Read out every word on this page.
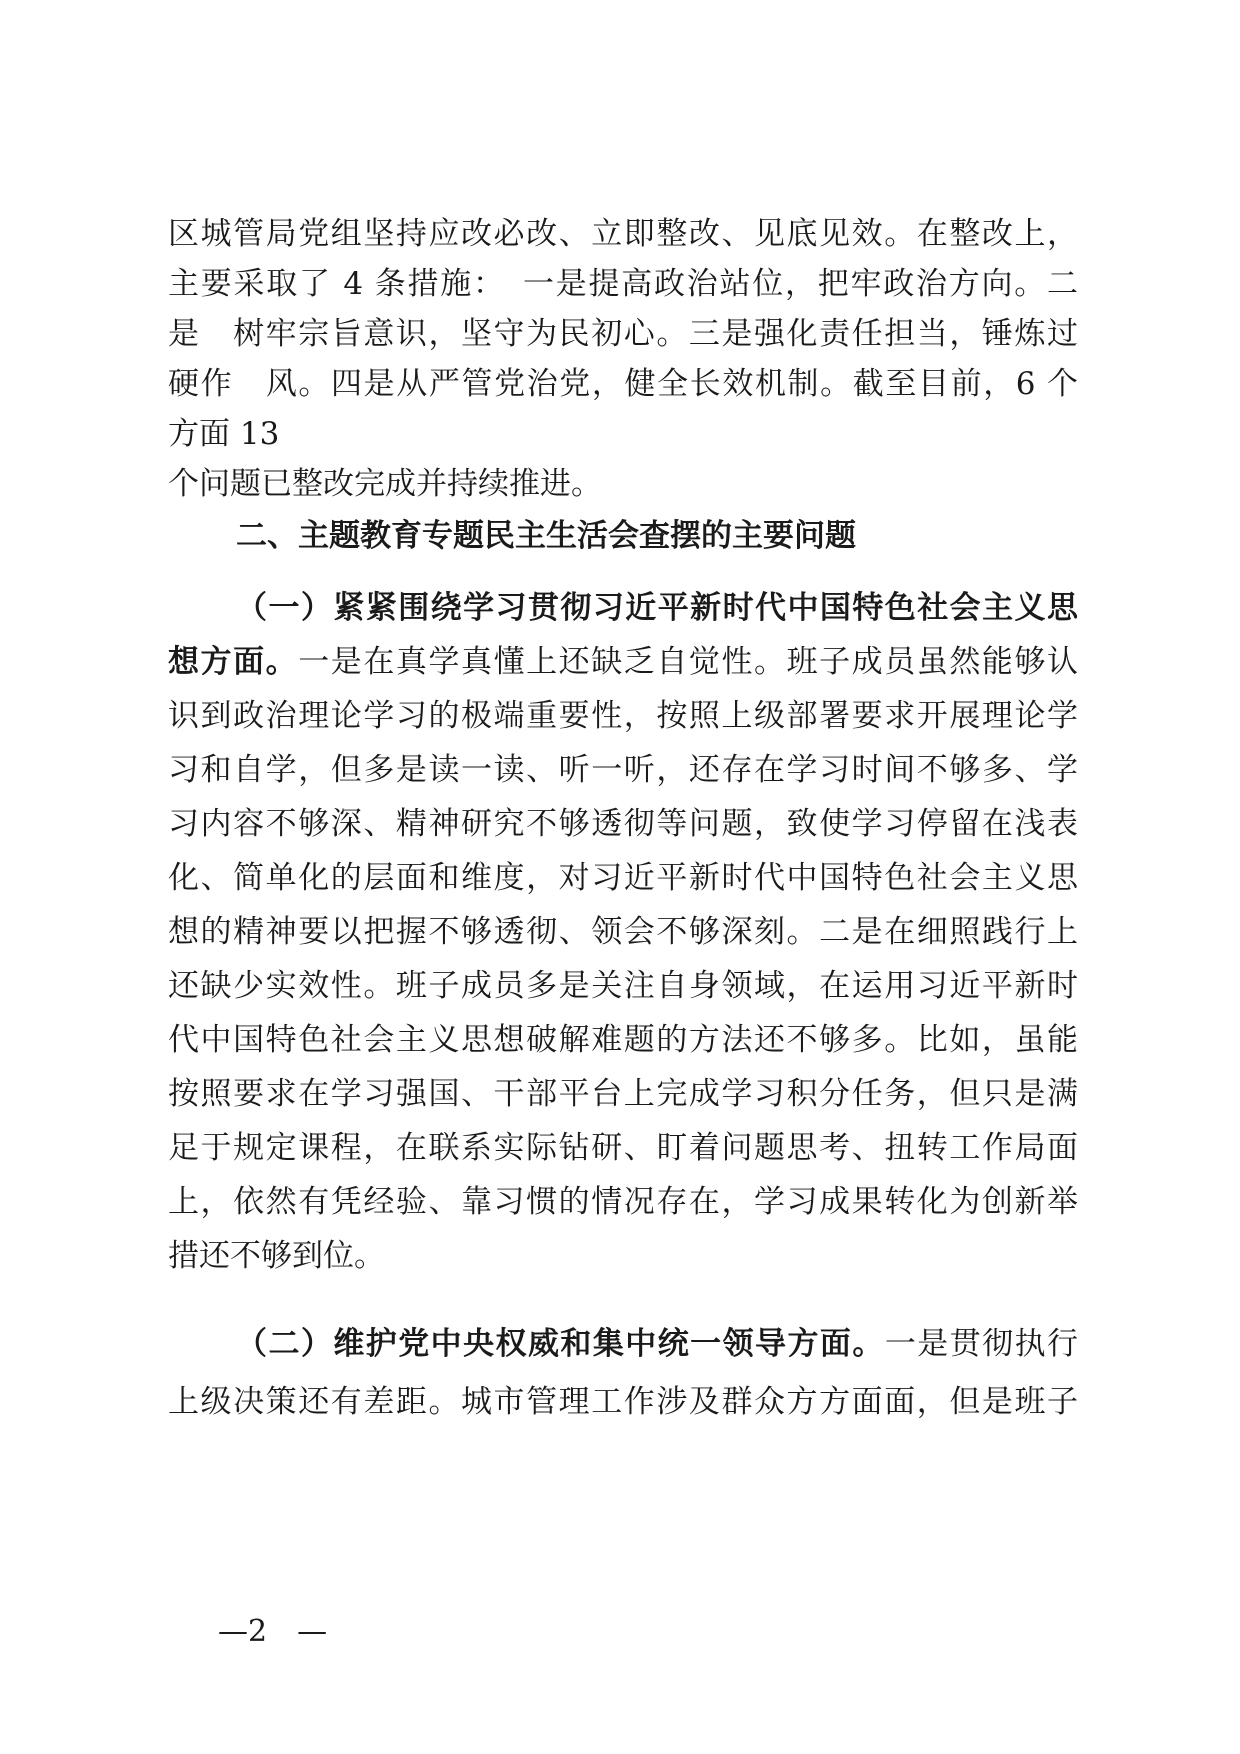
区城管局党组坚持应改必改、立即整改、见底见效。在整改上，

主要采取了 4 条措施：　一是提高政治站位，把牢政治方向。二

是　树牢宗旨意识，坚守为民初心。三是强化责任担当，锤炼过

硬作　风。四是从严管党治党，健全长效机制。截至目前，6 个

方面 13

个问题已整改完成并持续推进。

二、主题教育专题民主生活会查摆的主要问题

（一）紧紧围绕学习贯彻习近平新时代中国特色社会主义思

想方面。一是在真学真懂上还缺乏自觉性。班子成员虽然能够认

识到政治理论学习的极端重要性，按照上级部署要求开展理论学

习和自学，但多是读一读、听一听，还存在学习时间不够多、学

习内容不够深、精神研究不够透彻等问题，致使学习停留在浅表

化、简单化的层面和维度，对习近平新时代中国特色社会主义思

想的精神要以把握不够透彻、领会不够深刻。二是在细照践行上

还缺少实效性。班子成员多是关注自身领域，在运用习近平新时

代中国特色社会主义思想破解难题的方法还不够多。比如，虽能

按照要求在学习强国、干部平台上完成学习积分任务，但只是满

足于规定课程，在联系实际钻研、盯着问题思考、扭转工作局面

上，依然有凭经验、靠习惯的情况存在，学习成果转化为创新举

措还不够到位。

（二）维护党中央权威和集中统一领导方面。一是贯彻执行

上级决策还有差距。城市管理工作涉及群众方方面面，但是班子

—2　—
